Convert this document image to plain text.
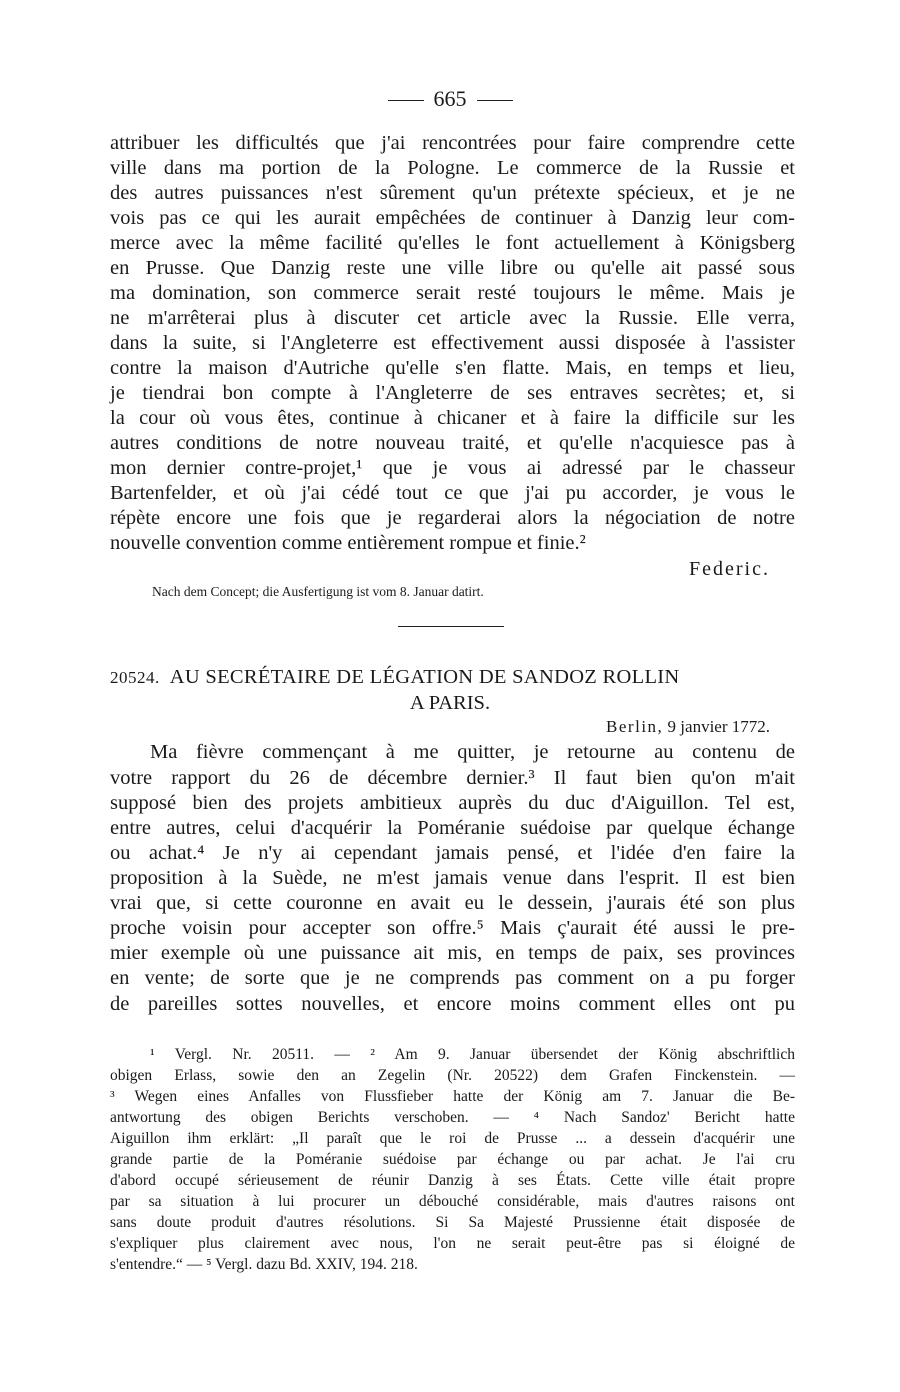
665
attribuer les difficultés que j'ai rencontrées pour faire comprendre cette
ville dans ma portion de la Pologne. Le commerce de la Russie et
des autres puissances n'est sûrement qu'un prétexte spécieux, et je ne
vois pas ce qui les aurait empêchées de continuer à Danzig leur com-
merce avec la même facilité qu'elles le font actuellement à Königsberg
en Prusse. Que Danzig reste une ville libre ou qu'elle ait passé sous
ma domination, son commerce serait resté toujours le même. Mais je
ne m'arrêterai plus à discuter cet article avec la Russie. Elle verra,
dans la suite, si l'Angleterre est effectivement aussi disposée à l'assister
contre la maison d'Autriche qu'elle s'en flatte. Mais, en temps et lieu,
je tiendrai bon compte à l'Angleterre de ses entraves secrètes; et, si
la cour où vous êtes, continue à chicaner et à faire la difficile sur les
autres conditions de notre nouveau traité, et qu'elle n'acquiesce pas à
mon dernier contre-projet,¹ que je vous ai adressé par le chasseur
Bartenfelder, et où j'ai cédé tout ce que j'ai pu accorder, je vous le
répète encore une fois que je regarderai alors la négociation de notre
nouvelle convention comme entièrement rompue et finie.²
Federic.
Nach dem Concept; die Ausfertigung ist vom 8. Januar datirt.
20524. AU SECRÉTAIRE DE LÉGATION DE SANDOZ ROLLIN
A PARIS.
Berlin, 9 janvier 1772.
Ma fièvre commençant à me quitter, je retourne au contenu de
votre rapport du 26 de décembre dernier.³ Il faut bien qu'on m'ait
supposé bien des projets ambitieux auprès du duc d'Aiguillon. Tel est,
entre autres, celui d'acquérir la Poméranie suédoise par quelque échange
ou achat.⁴ Je n'y ai cependant jamais pensé, et l'idée d'en faire la
proposition à la Suède, ne m'est jamais venue dans l'esprit. Il est bien
vrai que, si cette couronne en avait eu le dessein, j'aurais été son plus
proche voisin pour accepter son offre.⁵ Mais ç'aurait été aussi le pre-
mier exemple où une puissance ait mis, en temps de paix, ses provinces
en vente; de sorte que je ne comprends pas comment on a pu forger
de pareilles sottes nouvelles, et encore moins comment elles ont pu
¹ Vergl. Nr. 20511. — ² Am 9. Januar übersendet der König abschriftlich
obigen Erlass, sowie den an Zegelin (Nr. 20522) dem Grafen Finckenstein. —
³ Wegen eines Anfalles von Flussfieber hatte der König am 7. Januar die Be-
antwortung des obigen Berichts verschoben. — ⁴ Nach Sandoz' Bericht hatte
Aiguillon ihm erklärt: „Il paraît que le roi de Prusse ... a dessein d'acquérir une
grande partie de la Poméranie suédoise par échange ou par achat. Je l'ai cru
d'abord occupé sérieusement de réunir Danzig à ses États. Cette ville était propre
par sa situation à lui procurer un débouché considérable, mais d'autres raisons ont
sans doute produit d'autres résolutions. Si Sa Majesté Prussienne était disposée de
s'expliquer plus clairement avec nous, l'on ne serait peut-être pas si éloigné de
s'entendre.“ — ⁵ Vergl. dazu Bd. XXIV, 194. 218.
